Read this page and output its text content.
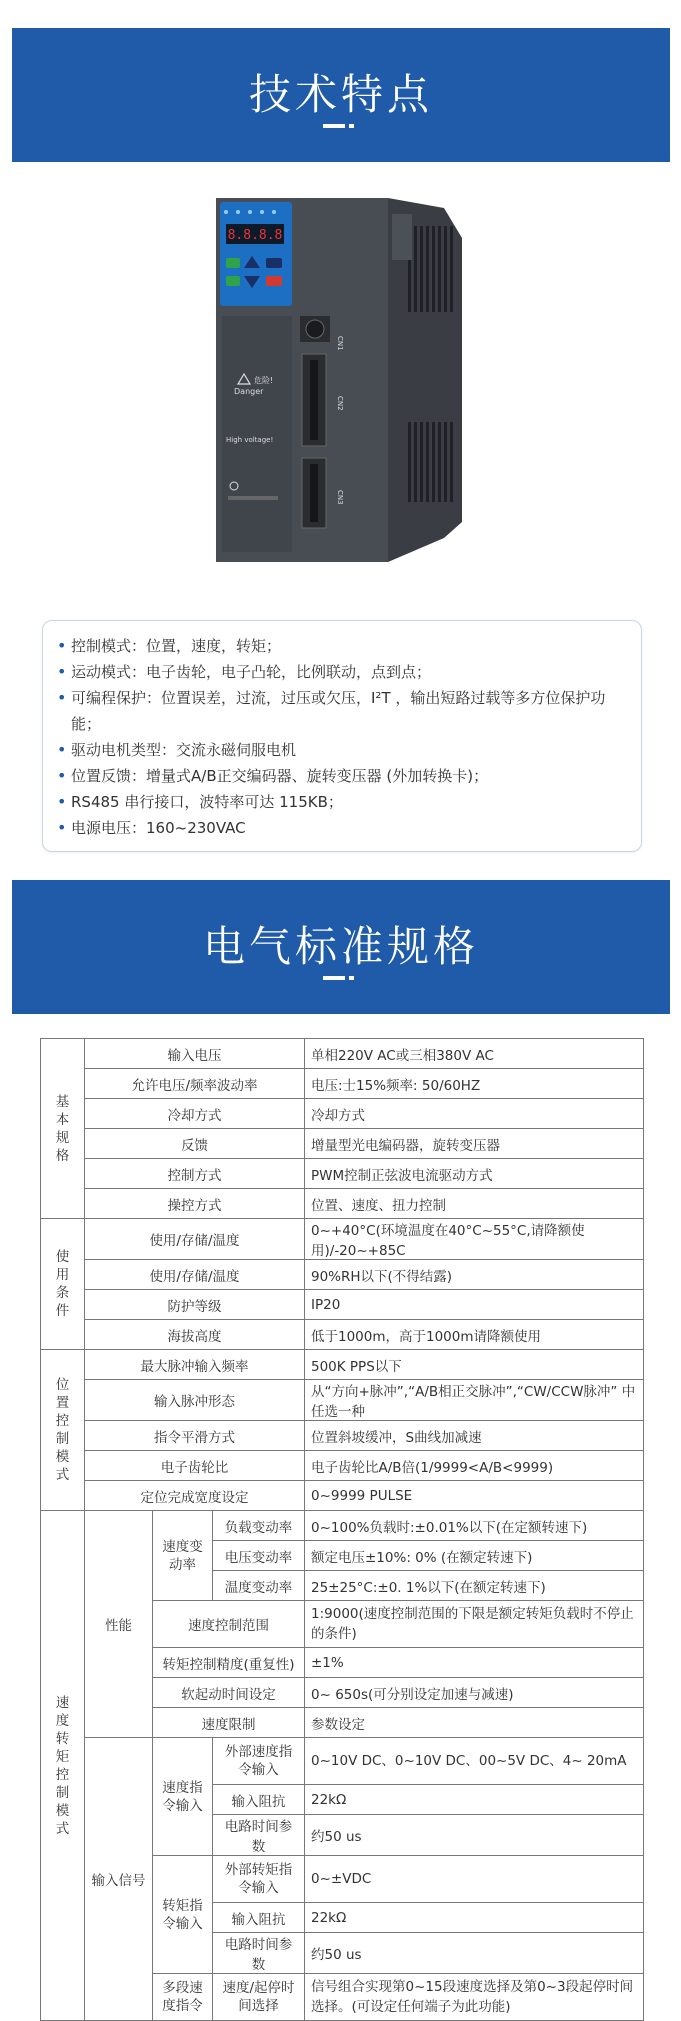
技术特点
8.8.8.8
危险!
Danger
High voltage!
CN1
CN2
CN3
• 控制模式：位置，速度，转矩；
• 运动模式：电子齿轮，电子凸轮，比例联动，点到点；
• 可编程保护：位置误差，过流，过压或欠压，I²T ，输出短路过载等多方位保护功能；
• 驱动电机类型：交流永磁伺服电机
• 位置反馈：增量式A/B正交编码器、旋转变压器 (外加转换卡)；
• RS485 串行接口，波特率可达 115KB；
• 电源电压：160~230VAC
电气标准规格
基本规格	输入电压			单相220V AC或三相380V AC
	允许电压/频率波动率			电压:士15%频率: 50/60HZ
	冷却方式			冷却方式
	反馈			增量型光电编码器，旋转变压器
	控制方式			PWM控制正弦波电流驱动方式
	操控方式			位置、速度、扭力控制
使用条件	使用/存储/温度			0~+40°C(环境温度在40°C~55°C,请降额使用)/-20~+85C
	使用/存储/温度			90%RH以下(不得结露)
	防护等级			IP20
	海拔高度			低于1000m，高于1000m请降额使用
位置控制模式	最大脉冲输入频率			500K PPS以下
	输入脉冲形态			从“方向+脉冲”,“A/B相正交脉冲”,“CW/CCW脉冲” 中任选一种
	指令平滑方式			位置斜坡缓冲，S曲线加减速
	电子齿轮比			电子齿轮比A/B倍(1/9999<A/B<9999)
	定位完成宽度设定			0~9999 PULSE
速度转矩控制模式	性能	速度变动率	负载变动率	0~100%负载时:±0.01%以下(在定额转速下)
			电压变动率	额定电压±10%: 0% (在额定转速下)
			温度变动率	25±25°C:±0. 1%以下(在额定转速下)
		速度控制范围		1:9000(速度控制范围的下限是额定转矩负载时不停止的条件)
		转矩控制精度(重复性)		±1%
		软起动时间设定		0~ 650s(可分别设定加速与减速)
		速度限制		参数设定
	输入信号	速度指令输入	外部速度指令输入	0~10V DC、0~10V DC、00~5V DC、4~ 20mA
			输入阻抗	22kΩ
			电路时间参数	约50 us
		转矩指令输入	外部转矩指令输入	0~±VDC
			输入阻抗	22kΩ
			电路时间参数	约50 us
		多段速度指令	速度/起停时间选择	信号组合实现第0~15段速度选择及第0~3段起停时间选择。(可设定任何端子为此功能)
